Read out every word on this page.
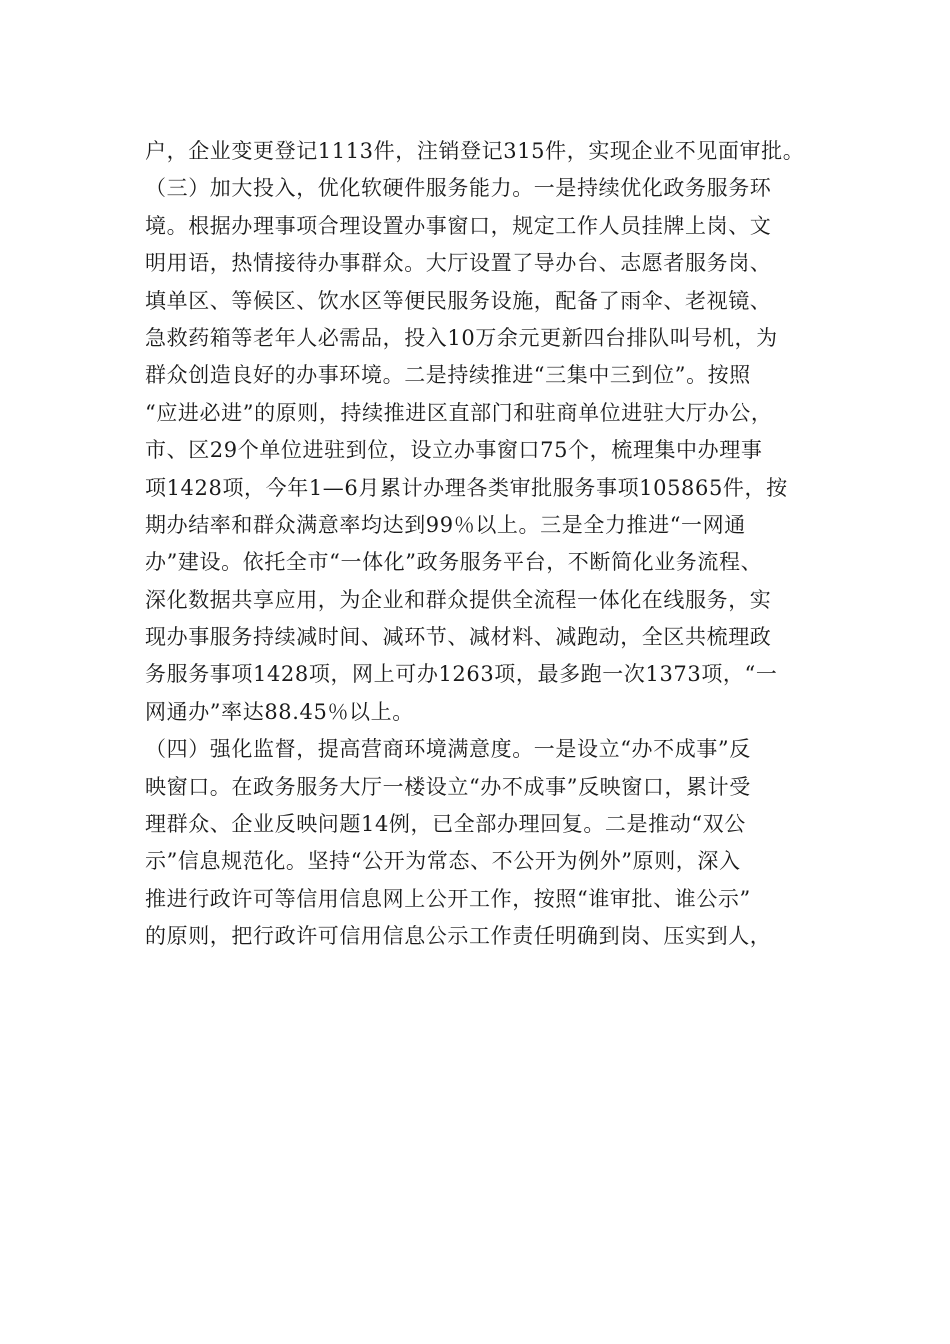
户，企业变更登记1113件，注销登记315件，实现企业不见面审批。
（三）加大投入，优化软硬件服务能力。一是持续优化政务服务环
境。根据办理事项合理设置办事窗口，规定工作人员挂牌上岗、文
明用语，热情接待办事群众。大厅设置了导办台、志愿者服务岗、
填单区、等候区、饮水区等便民服务设施，配备了雨伞、老视镜、
急救药箱等老年人必需品，投入10万余元更新四台排队叫号机，为
群众创造良好的办事环境。二是持续推进“三集中三到位”。按照
“应进必进”的原则，持续推进区直部门和驻商单位进驻大厅办公，
市、区29个单位进驻到位，设立办事窗口75个，梳理集中办理事
项1428项，今年1—6月累计办理各类审批服务事项105865件，按
期办结率和群众满意率均达到99％以上。三是全力推进“一网通
办”建设。依托全市“一体化”政务服务平台，不断简化业务流程、
深化数据共享应用，为企业和群众提供全流程一体化在线服务，实
现办事服务持续减时间、减环节、减材料、减跑动，全区共梳理政
务服务事项1428项，网上可办1263项，最多跑一次1373项，“一
网通办”率达88.45％以上。
（四）强化监督，提高营商环境满意度。一是设立“办不成事”反
映窗口。在政务服务大厅一楼设立“办不成事”反映窗口，累计受
理群众、企业反映问题14例，已全部办理回复。二是推动“双公
示”信息规范化。坚持“公开为常态、不公开为例外”原则，深入
推进行政许可等信用信息网上公开工作，按照“谁审批、谁公示”
的原则，把行政许可信用信息公示工作责任明确到岗、压实到人，
